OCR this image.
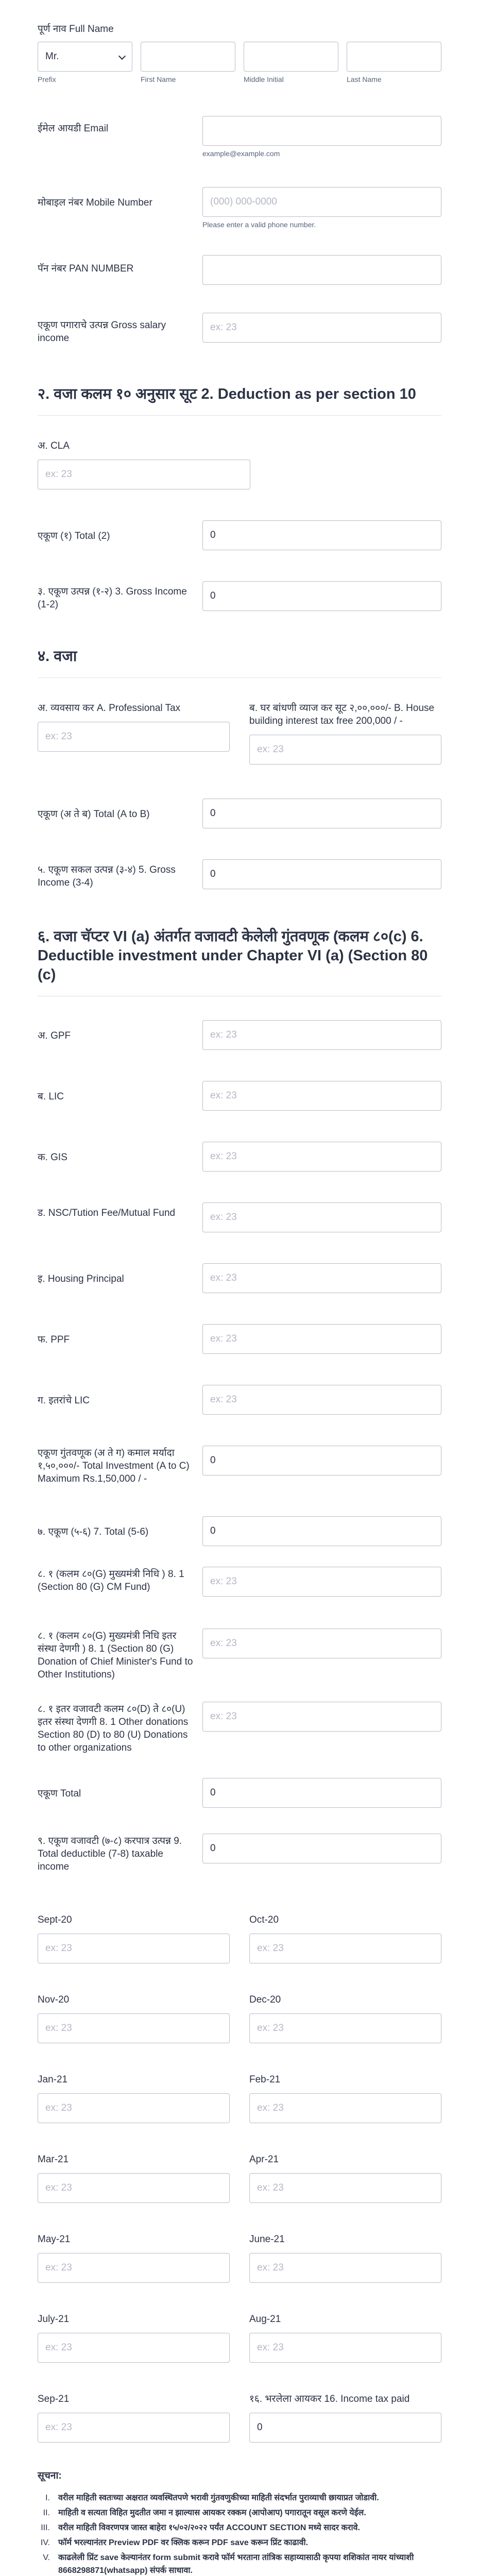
पूर्ण नाव Full Name
Mr.
Prefix	First Name	Middle Initial	Last Name
ईमेल आयडी Email
example@example.com
मोबाइल नंबर Mobile Number
(000) 000-0000
Please enter a valid phone number.
पॅन नंबर PAN NUMBER
एकूण पगाराचे उत्पन्न Gross salary income
ex: 23
२. वजा कलम १० अनुसार सूट 2. Deduction as per section 10
अ. CLA
ex: 23
एकूण (१) Total (2)
0
३. एकूण उत्पन्न (१-२) 3. Gross Income (1-2)
0
४. वजा
अ. व्यवसाय कर A. Professional Tax
ex: 23	ब. घर बांधणी व्याज कर सूट २,००,०००/- B. House building interest tax free 200,000 / -
ex: 23
एकूण (अ ते ब) Total (A to B)
0
५. एकूण सकल उत्पन्न (३-४) 5. Gross Income (3-4)
0
६. वजा चॅप्टर VI (a) अंतर्गत वजावटी केलेली गुंतवणूक (कलम ८०(c) 6. Deductible investment under Chapter VI (a) (Section 80 (c)
अ. GPF
ex: 23
ब. LIC
ex: 23
क. GIS
ex: 23
ड. NSC/Tution Fee/Mutual Fund
ex: 23
इ. Housing Principal
ex: 23
फ. PPF
ex: 23
ग. इतरांचे LIC
ex: 23
एकूण गुंतवणूक (अ ते ग) कमाल मर्यादा १,५०,०००/- Total Investment (A to C) Maximum Rs.1,50,000 / -
0
७. एकूण (५-६) 7. Total (5-6)
0
८. १ (कलम ८०(G) मुख्यमंत्री निधि ) 8. 1 (Section 80 (G) CM Fund)
ex: 23
८. १ (कलम ८०(G) मुख्यमंत्री निधि इतर संस्था देणगी ) 8. 1 (Section 80 (G) Donation of Chief Minister's Fund to Other Institutions)
ex: 23
८. १ इतर वजावटी कलम ८०(D) ते ८०(U) इतर संस्था देणगी 8. 1 Other donations Section 80 (D) to 80 (U) Donations to other organizations
ex: 23
एकूण Total
0
९. एकूण वजावटी (७-८) करपात्र उत्पन्न 9. Total deductible (7-8) taxable income
0
Sept-20
ex: 23	Oct-20
ex: 23
Nov-20
ex: 23	Dec-20
ex: 23
Jan-21
ex: 23	Feb-21
ex: 23
Mar-21
ex: 23	Apr-21
ex: 23
May-21
ex: 23	June-21
ex: 23
July-21
ex: 23	Aug-21
ex: 23
Sep-21
ex: 23	१६. भरलेला आयकर 16. Income tax paid
0
सूचना:
I.	वरील माहिती स्वतःच्या अक्षरात व्यवस्थितपणे भरावी गुंतवणुकीच्या माहिती संदर्भात पुराव्याची छायाप्रत जोडावी.
II.	माहिती व सत्यता विहित मुदतीत जमा न झाल्यास आयकर रक्कम (आपोआप) पगारातून वसूल करणे येईल.
III.	वरील माहिती विवरणपत्र जास्त बाहेरा १५/०२/२०२२ पर्यंत ACCOUNT SECTION मध्ये सादर करावे.
IV.	फॉर्म भरल्यानंतर Preview PDF वर क्लिक करून PDF save करून प्रिंट काढावी.
V.	काढलेली प्रिंट save केल्यानंतर form submit करावे फॉर्म भरताना तांत्रिक सहाय्यासाठी कृपया शशिकांत नायर यांच्याशी 8668298871(whatsapp) संपर्क साधावा.
